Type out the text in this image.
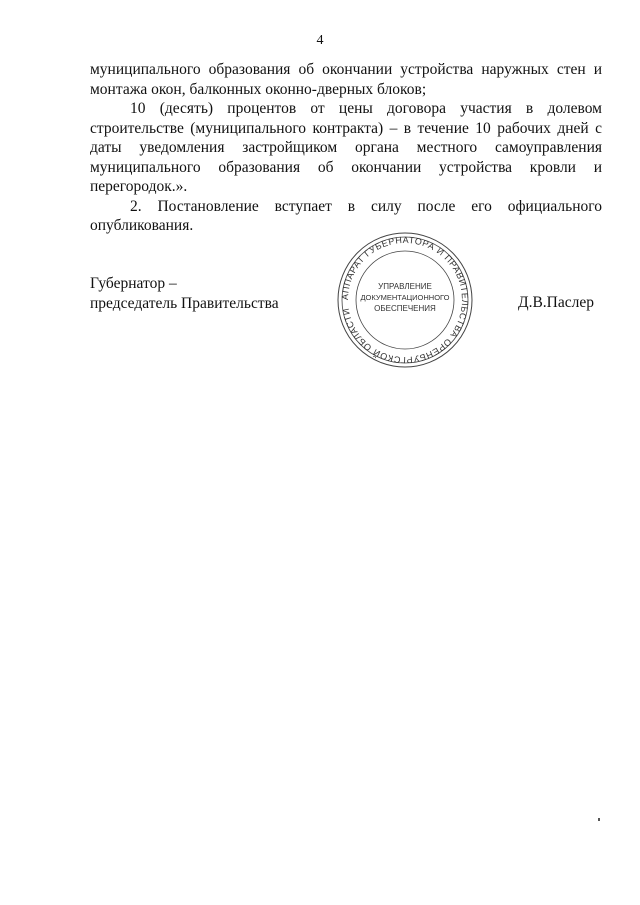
4

муниципального образования об окончании устройства наружных стен и монтажа окон, балконных оконно-дверных блоков;

10 (десять) процентов от цены договора участия в долевом строительстве (муниципального контракта) – в течение 10 рабочих дней с даты уведомления застройщиком органа местного самоуправления муниципального образования об окончании устройства кровли и перегородок.».

2. Постановление вступает в силу после его официального опубликования.

Губернатор –
председатель Правительства	Д.В.Паслер
АППАРАТ ГУБЕРНАТОРА И ПРАВИТЕЛЬСТВА ОРЕНБУРГСКОЙ ОБЛАСТИ
УПРАВЛЕНИЕ
ДОКУМЕНТАЦИОННОГО
ОБЕСПЕЧЕНИЯ
